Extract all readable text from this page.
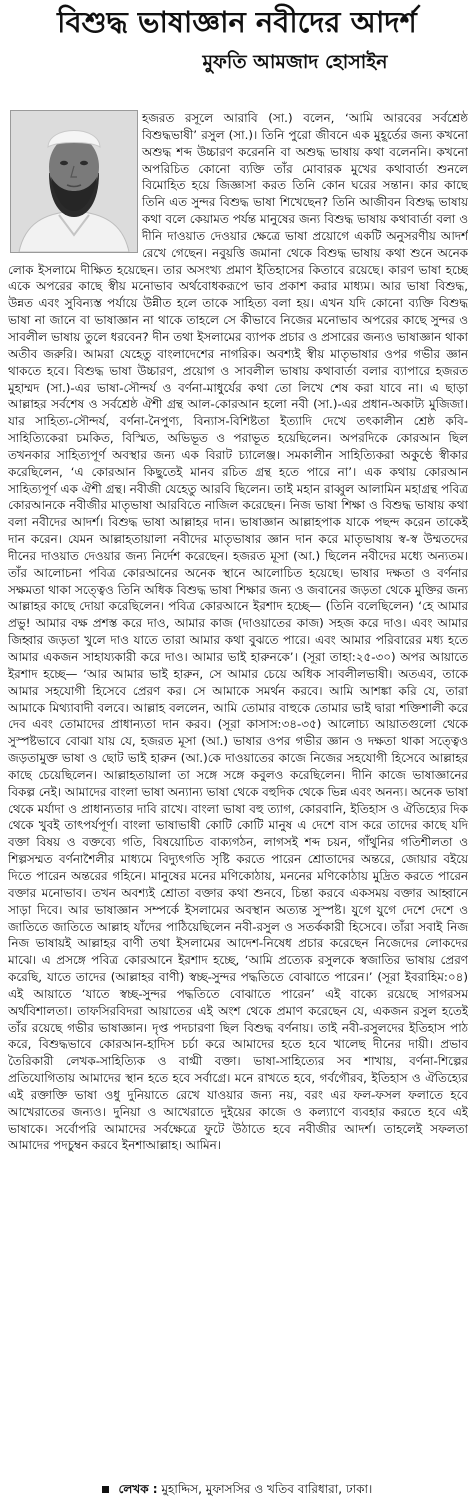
বিশুদ্ধ ভাষাজ্ঞান নবীদের আদর্শ
মুফতি আমজাদ হোসাইন
হজরত রসূলে আরাবি (সা.) বলেন, ‘আমি আরবের সর্বশ্রেষ্ঠ বিশুদ্ধভাষী’ রসুল (সা.)। তিনি পুরো জীবনে এক মুহূর্তের জন্য কখনো অশুদ্ধ শব্দ উচ্চারণ করেননি বা অশুদ্ধ ভাষায় কথা বলেননি। কখনো অপরিচিত কোনো ব্যক্তি তাঁর মোবারক মুখের কথাবার্তা শুনলে বিমোহিত হয়ে জিজ্ঞাসা করত তিনি কোন ঘরের সন্তান। কার কাছে তিনি এত সুন্দর বিশুদ্ধ ভাষা শিখেছেন? তিনি আজীবন বিশুদ্ধ ভাষায় কথা বলে কেয়ামত পর্যন্ত মানুষের জন্য বিশুদ্ধ ভাষায় কথাবার্তা বলা ও দীনি দাওয়াত দেওয়ার ক্ষেত্রে ভাষা প্রয়োগে একটি অনুসরণীয় আদর্শ রেখে গেছেন। নবুয়ত্তি জমানা থেকে বিশুদ্ধ ভাষায় কথা শুনে অনেক লোক ইসলামে দীক্ষিত হয়েছেন। তার অসংখ্য প্রমাণ ইতিহাসের কিতাবে রয়েছে। কারণ ভাষা হচ্ছে একে অপরের কাছে স্বীয় মনোভাব অর্থবোধকরূপে ভাব প্রকাশ করার মাধ্যম। আর ভাষা বিশুদ্ধ, উন্নত এবং সুবিন্যস্ত পর্যায়ে উন্নীত হলে তাকে সাহিত্য বলা হয়। এখন যদি কোনো ব্যক্তি বিশুদ্ধ ভাষা না জানে বা ভাষাজ্ঞান না থাকে তাহলে সে কীভাবে নিজের মনোভাব অপরের কাছে সুন্দর ও সাবলীল ভাষায় তুলে ধরবেন? দীন তথা ইসলামের ব্যাপক প্রচার ও প্রসারের জন্যও ভাষাজ্ঞান থাকা অতীব জরুরি। আমরা যেহেতু বাংলাদেশের নাগরিক। অবশ্যই স্বীয় মাতৃভাষার ওপর গভীর জ্ঞান থাকতে হবে। বিশুদ্ধ ভাষা উচ্চারণ, প্রয়োগ ও সাবলীল ভাষায় কথাবার্তা বলার ব্যাপারে হজরত মুহাম্মদ (সা.)-এর ভাষা-সৌন্দর্য ও বর্ণনা-মাধুর্যের কথা তো লিখে শেষ করা যাবে না। এ ছাড়া আল্লাহর সর্বশেষ ও সর্বশ্রেষ্ঠ ঐশী গ্রন্থ আল-কোরআন হলো নবী (সা.)-এর প্রধান-অকাট্য মুজিজা। যার সাহিত্য-সৌন্দর্য, বর্ণনা-নৈপুণ্য, বিন্যাস-বিশিষ্টতা ইত্যাদি দেখে তৎকালীন শ্রেষ্ঠ কবি-সাহিত্যিকেরা চমকিত, বিস্মিত, অভিভূত ও পরাভূত হয়েছিলেন। অপরদিকে কোরআন ছিল তখনকার সাহিত্যপূর্ণ অবস্থার জন্য এক বিরাট চ্যালেঞ্জ। সমকালীন সাহিত্যিকরা অকুণ্ঠে স্বীকার করেছিলেন, ‘এ কোরআন কিছুতেই মানব রচিত গ্রন্থ হতে পারে না’। এক কথায় কোরআন সাহিত্যপূর্ণ এক ঐশী গ্রন্থ। নবীজী যেহেতু আরবি ছিলেন। তাই মহান রাব্বুল আলামিন মহাগ্রন্থ পবিত্র কোরআনকে নবীজীর মাতৃভাষা আরবিতে নাজিল করেছেন। নিজ ভাষা শিক্ষা ও বিশুদ্ধ ভাষায় কথা বলা নবীদের আদর্শ। বিশুদ্ধ ভাষা আল্লাহর দান। ভাষাজ্ঞান আল্লাহপাক যাকে পছন্দ করেন তাকেই দান করেন। যেমন আল্লাহতায়ালা নবীদের মাতৃভাষার জ্ঞান দান করে মাতৃভাষায় স্ব-স্ব উম্মতদের দীনের দাওয়াত দেওয়ার জন্য নির্দেশ করেছেন। হজরত মূসা (আ.) ছিলেন নবীদের মধ্যে অন্যতম। তাঁর আলোচনা পবিত্র কোরআনের অনেক স্থানে আলোচিত হয়েছে। ভাষার দক্ষতা ও বর্ণনার সক্ষমতা থাকা সত্ত্বেও তিনি অধিক বিশুদ্ধ ভাষা শিক্ষার জন্য ও জবানের জড়তা থেকে মুক্তির জন্য আল্লাহর কাছে দোয়া করেছিলেন। পবিত্র কোরআনে ইরশাদ হচ্ছে— (তিনি বলেছিলেন) ‘হে আমার প্রভু! আমার বক্ষ প্রশস্ত করে দাও, আমার কাজ (দাওয়াতের কাজ) সহজ করে দাও। এবং আমার জিহ্বার জড়তা খুলে দাও যাতে তারা আমার কথা বুঝতে পারে। এবং আমার পরিবারের মধ্য হতে আমার একজন সাহায্যকারী করে দাও। আমার ভাই হারুনকে’। (সূরা তাহা:২৫-৩০) অপর আয়াতে ইরশাদ হচ্ছে— ‘আর আমার ভাই হারুন, সে আমার চেয়ে অধিক সাবলীলভাষী। অতএব, তাকে আমার সহযোগী হিসেবে প্রেরণ কর। সে আমাকে সমর্থন করবে। আমি আশঙ্কা করি যে, তারা আমাকে মিথ্যাবাদী বলবে। আল্লাহ বললেন, আমি তোমার বাহুকে তোমার ভাই দ্বারা শক্তিশালী করে দেব এবং তোমাদের প্রাধান্যতা দান করব। (সূরা কাসাস:৩৪-৩৫) আলোচ্য আয়াতগুলো থেকে সুস্পষ্টভাবে বোঝা যায় যে, হজরত মূসা (আ.) ভাষার ওপর গভীর জ্ঞান ও দক্ষতা থাকা সত্ত্বেও জড়তামুক্ত ভাষা ও ছোট ভাই হারুন (আ.)কে দাওয়াতের কাজে নিজের সহযোগী হিসেবে আল্লাহর কাছে চেয়েছিলেন। আল্লাহতায়ালা তা সঙ্গে সঙ্গে কবুলও করেছিলেন। দীনি কাজে ভাষাজ্ঞানের বিকল্প নেই। আমাদের বাংলা ভাষা অন্যান্য ভাষা থেকে বহুদিক থেকে ভিন্ন এবং অনন্য। অনেক ভাষা থেকে মর্যাদা ও প্রাধান্যতার দাবি রাখে। বাংলা ভাষা বহু ত্যাগ, কোরবানি, ইতিহাস ও ঐতিহ্যের দিক থেকে খুবই তাৎপর্যপূর্ণ। বাংলা ভাষাভাষী কোটি কোটি মানুষ এ দেশে বাস করে তাদের কাছে যদি বক্তা বিষয় ও বক্তব্যে গতি, বিষয়োচিত বাক্যগঠন, লাগসই শব্দ চয়ন, গাঁথুনির গতিশীলতা ও শিল্পসম্মত বর্ণনাশৈলীর মাধ্যমে বিদ্যুৎগতি সৃষ্টি করতে পারেন শ্রোতাদের অন্তরে, জোয়ার বইয়ে দিতে পারেন অন্তরের গহিনে। মানুষের মনের মণিকোঠায়, মননের মণিকোঠায় মুদ্রিত করতে পারেন বক্তার মনোভাব। তখন অবশ্যই শ্রোতা বক্তার কথা শুনবে, চিন্তা করবে একসময় বক্তার আহ্বানে সাড়া দিবে। আর ভাষাজ্ঞান সম্পর্কে ইসলামের অবস্থান অত্যন্ত সুস্পষ্ট। যুগে যুগে দেশে দেশে ও জাতিতে জাতিতে আল্লাহ যাঁদের পাঠিয়েছিলেন নবী-রসুল ও সতর্ককারী হিসেবে। তাঁরা সবাই নিজ নিজ ভাষায়ই আল্লাহর বাণী তথা ইসলামের আদেশ-নিষেধ প্রচার করেছেন নিজেদের লোকদের মাঝে। এ প্রসঙ্গে পবিত্র কোরআনে ইরশাদ হচ্ছে, ‘আমি প্রত্যেক রসুলকে স্বজাতির ভাষায় প্রেরণ করেছি, যাতে তাদের (আল্লাহর বাণী) স্বচ্ছ-সুন্দর পদ্ধতিতে বোঝাতে পারেন।’ (সূরা ইবরাহিম:০৪) এই আয়াতে ‘যাতে স্বচ্ছ-সুন্দর পদ্ধতিতে বোঝাতে পারেন’ এই বাক্যে রয়েছে সাগরসম অর্থবিশালতা। তাফসিরবিদরা আয়াতের এই অংশ থেকে প্রমাণ করেছেন যে, একজন রসুল হতেই তাঁর রয়েছে গভীর ভাষাজ্ঞান। দৃপ্ত পদচারণা ছিল বিশুদ্ধ বর্ণনায়। তাই নবী-রসুলদের ইতিহাস পাঠ করে, বিশুদ্ধভাবে কোরআন-হাদিস চর্চা করে আমাদের হতে হবে খালেছ দীনের দায়ী। প্রভাব তৈরিকারী লেখক-সাহিত্যিক ও বাগ্মী বক্তা। ভাষা-সাহিত্যের সব শাখায়, বর্ণনা-শিল্পের প্রতিযোগিতায় আমাদের স্থান হতে হবে সর্বাগ্রে। মনে রাখতে হবে, গর্বগৌরব, ইতিহাস ও ঐতিহ্যের এই রক্তাক্তি ভাষা ওধু দুনিয়াতে রেখে যাওয়ার জন্য নয়, বরং এর ফল-ফসল ফলাতে হবে আখেরাতের জন্যও। দুনিয়া ও আখেরাতে দুইয়ের কাজে ও কল্যাণে ব্যবহার করতে হবে এই ভাষাকে। সর্বোপরি আমাদের সর্বক্ষেত্রে ফুটে উঠাতে হবে নবীজীর আদর্শ। তাহলেই সফলতা আমাদের পদচুম্বন করবে ইনশাআল্লাহ। আমিন।
লেখক : মুহাদ্দিস, মুফাসসির ও খতিব বারিধারা, ঢাকা।
